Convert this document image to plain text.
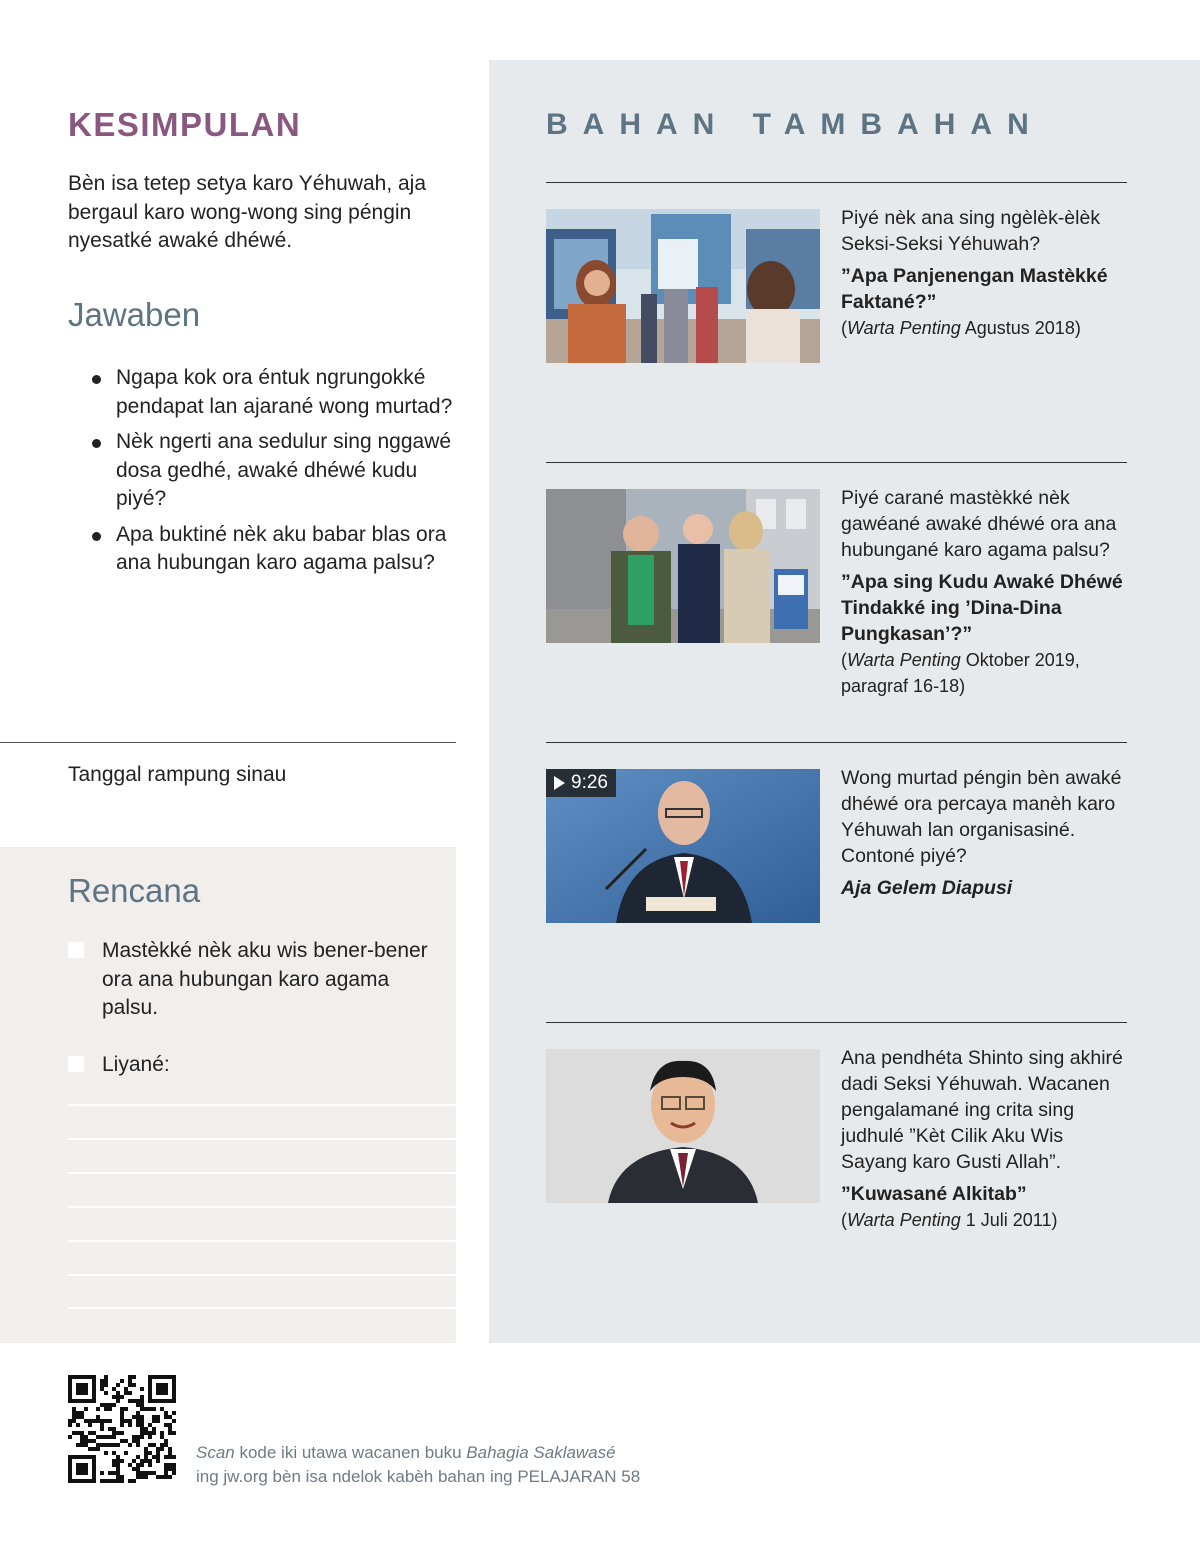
KESIMPULAN

Bèn isa tetep setya karo Yéhuwah, aja bergaul karo wong-wong sing péngin nyesatké awaké dhéwé.

Jawaben
Ngapa kok ora éntuk ngrungokké pendapat lan ajarané wong murtad?
Nèk ngerti ana sedulur sing nggawé dosa gedhé, awaké dhéwé kudu piyé?
Apa buktiné nèk aku babar blas ora ana hubungan karo agama palsu?
Tanggal rampung sinau
Rencana
Mastèkké nèk aku wis bener-bener ora ana hubungan karo agama palsu.
Liyané:
BAHAN TAMBAHAN
Piyé nèk ana sing ngèlèk-èlèk Seksi-Seksi Yéhuwah?
”Apa Panjenengan Mastèkké Faktané?”
(Warta Penting Agustus 2018)
Piyé carané mastèkké nèk gawéané awaké dhéwé ora ana hubungané karo agama palsu?
”Apa sing Kudu Awaké Dhéwé Tindakké ing ’Dina-Dina Pungkasan’?”
(Warta Penting Oktober 2019, paragraf 16-18)
9:26	Wong murtad péngin bèn awaké dhéwé ora percaya manèh karo Yéhuwah lan organisasiné. Contoné piyé?
Aja Gelem Diapusi
Ana pendhéta Shinto sing akhiré dadi Seksi Yéhuwah. Wacanen pengalamané ing crita sing judhulé ”Kèt Cilik Aku Wis Sayang karo Gusti Allah”.
”Kuwasané Alkitab”
(Warta Penting 1 Juli 2011)
Scan kode iki utawa wacanen buku Bahagia Saklawasé
ing jw.org bèn isa ndelok kabèh bahan ing PELAJARAN 58
